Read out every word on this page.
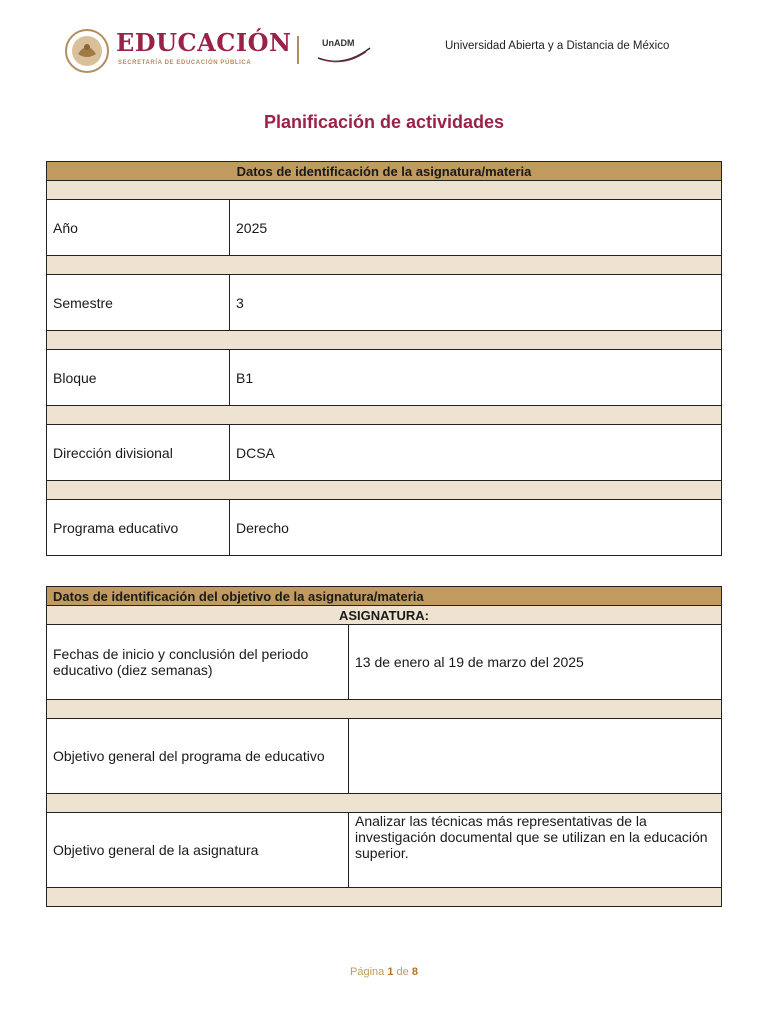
EDUCACIÓN
SECRETARÍA DE EDUCACIÓN PÚBLICA
UnADM	Universidad Abierta y a Distancia de México
Planificación de actividades
Datos de identificación de la asignatura/materia	

Año	2025

Semestre	3

Bloque	B1

Dirección divisional	DCSA

Programa educativo	Derecho
Datos de identificación del objetivo de la asignatura/materia	
ASIGNATURA:	
Fechas de inicio y conclusión del periodo educativo (diez semanas)	13 de enero al 19 de marzo del 2025

Objetivo general del programa de educativo	

Objetivo general de la asignatura	Analizar las técnicas más representativas de la investigación documental que se utilizan en la educación superior.

Página 1 de 8
